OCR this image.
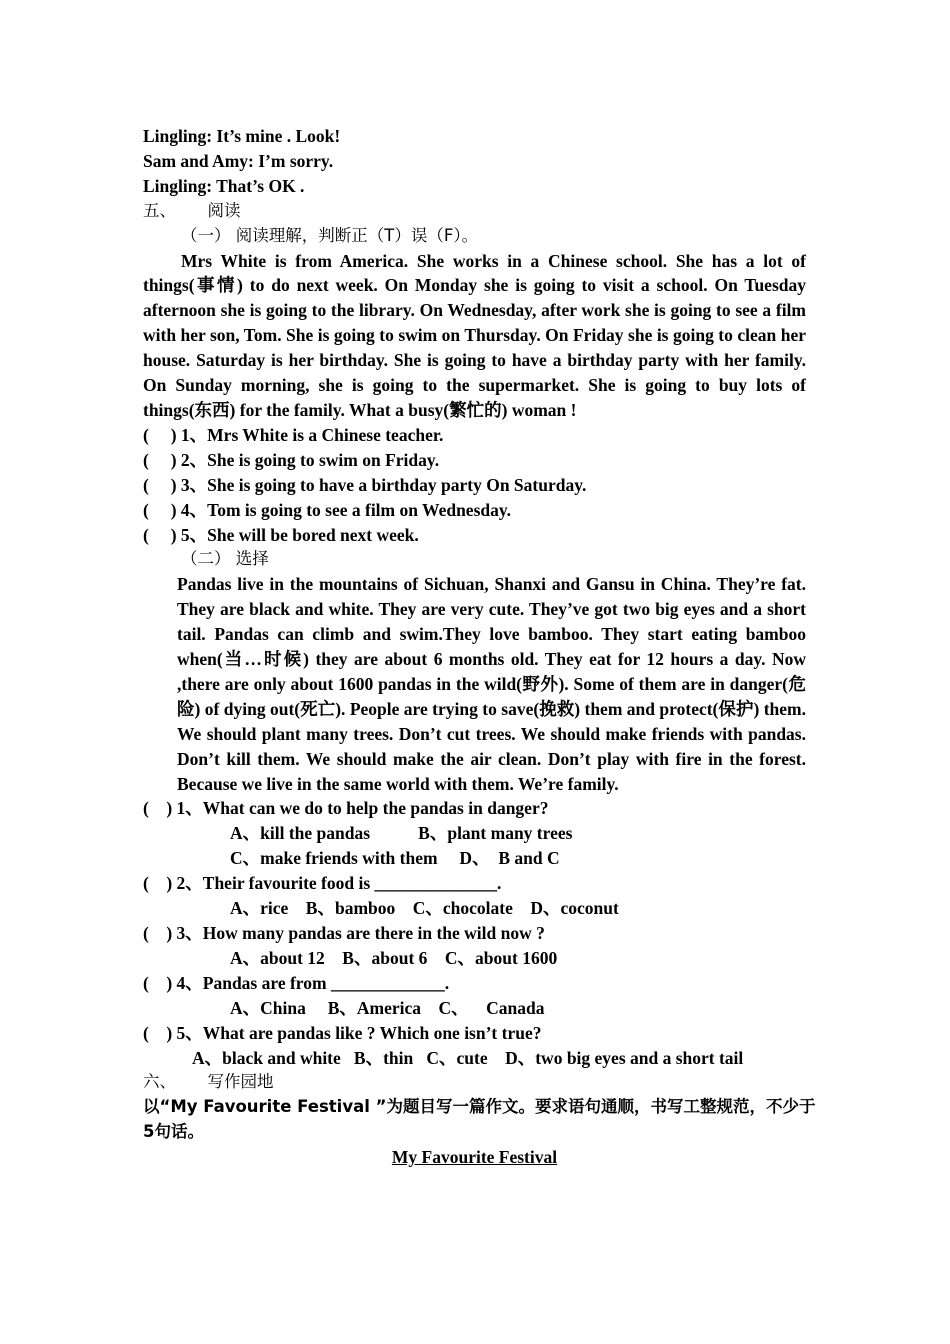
Lingling: It’s mine . Look!
Sam and Amy: I’m sorry.
Lingling: That’s OK .
五、      阅读
（一） 阅读理解，判断正（T）误（F）。
Mrs White is from America. She works in a Chinese school. She has a lot of things(事情) to do next week. On Monday she is going to visit a school. On Tuesday afternoon she is going to the library. On Wednesday, after work she is going to see a film with her son, Tom. She is going to swim on Thursday. On Friday she is going to clean her house. Saturday is her birthday. She is going to have a birthday party with her family. On Sunday morning, she is going to the supermarket. She is going to buy lots of things(东西) for the family. What a busy(繁忙的) woman !
(     ) 1、Mrs White is a Chinese teacher.
(     ) 2、She is going to swim on Friday.
(     ) 3、She is going to have a birthday party On Saturday.
(     ) 4、Tom is going to see a film on Wednesday.
(     ) 5、She will be bored next week.
（二） 选择
Pandas live in the mountains of Sichuan, Shanxi and Gansu in China. They’re fat. They are black and white. They are very cute. They’ve got two big eyes and a short tail. Pandas can climb and swim.They love bamboo. They start eating bamboo when(当…时候) they are about 6 months old. They eat for 12 hours a day. Now ,there are only about 1600 pandas in the wild(野外). Some of them are in danger(危险) of dying out(死亡). People are trying to save(挽救) them and protect(保护) them. We should plant many trees. Don’t cut trees. We should make friends with pandas. Don’t kill them. We should make the air clean. Don’t play with fire in the forest. Because we live in the same world with them. We’re family.
(    ) 1、What can we do to help the pandas in danger?
A、kill the pandas           B、plant many trees
C、make friends with them     D、  B and C
(    ) 2、Their favourite food is ______________.
A、rice    B、bamboo    C、chocolate    D、coconut
(    ) 3、How many pandas are there in the wild now ?
A、about 12    B、about 6    C、about 1600
(    ) 4、Pandas are from _____________.
A、China     B、America    C、    Canada
(    ) 5、What are pandas like ? Which one isn’t true?
A、black and white   B、thin   C、cute    D、two big eyes and a short tail
六、      写作园地
以“My Favourite Festival ”为题目写一篇作文。要求语句通顺，书写工整规范，不少于5句话。
My Favourite Festival
